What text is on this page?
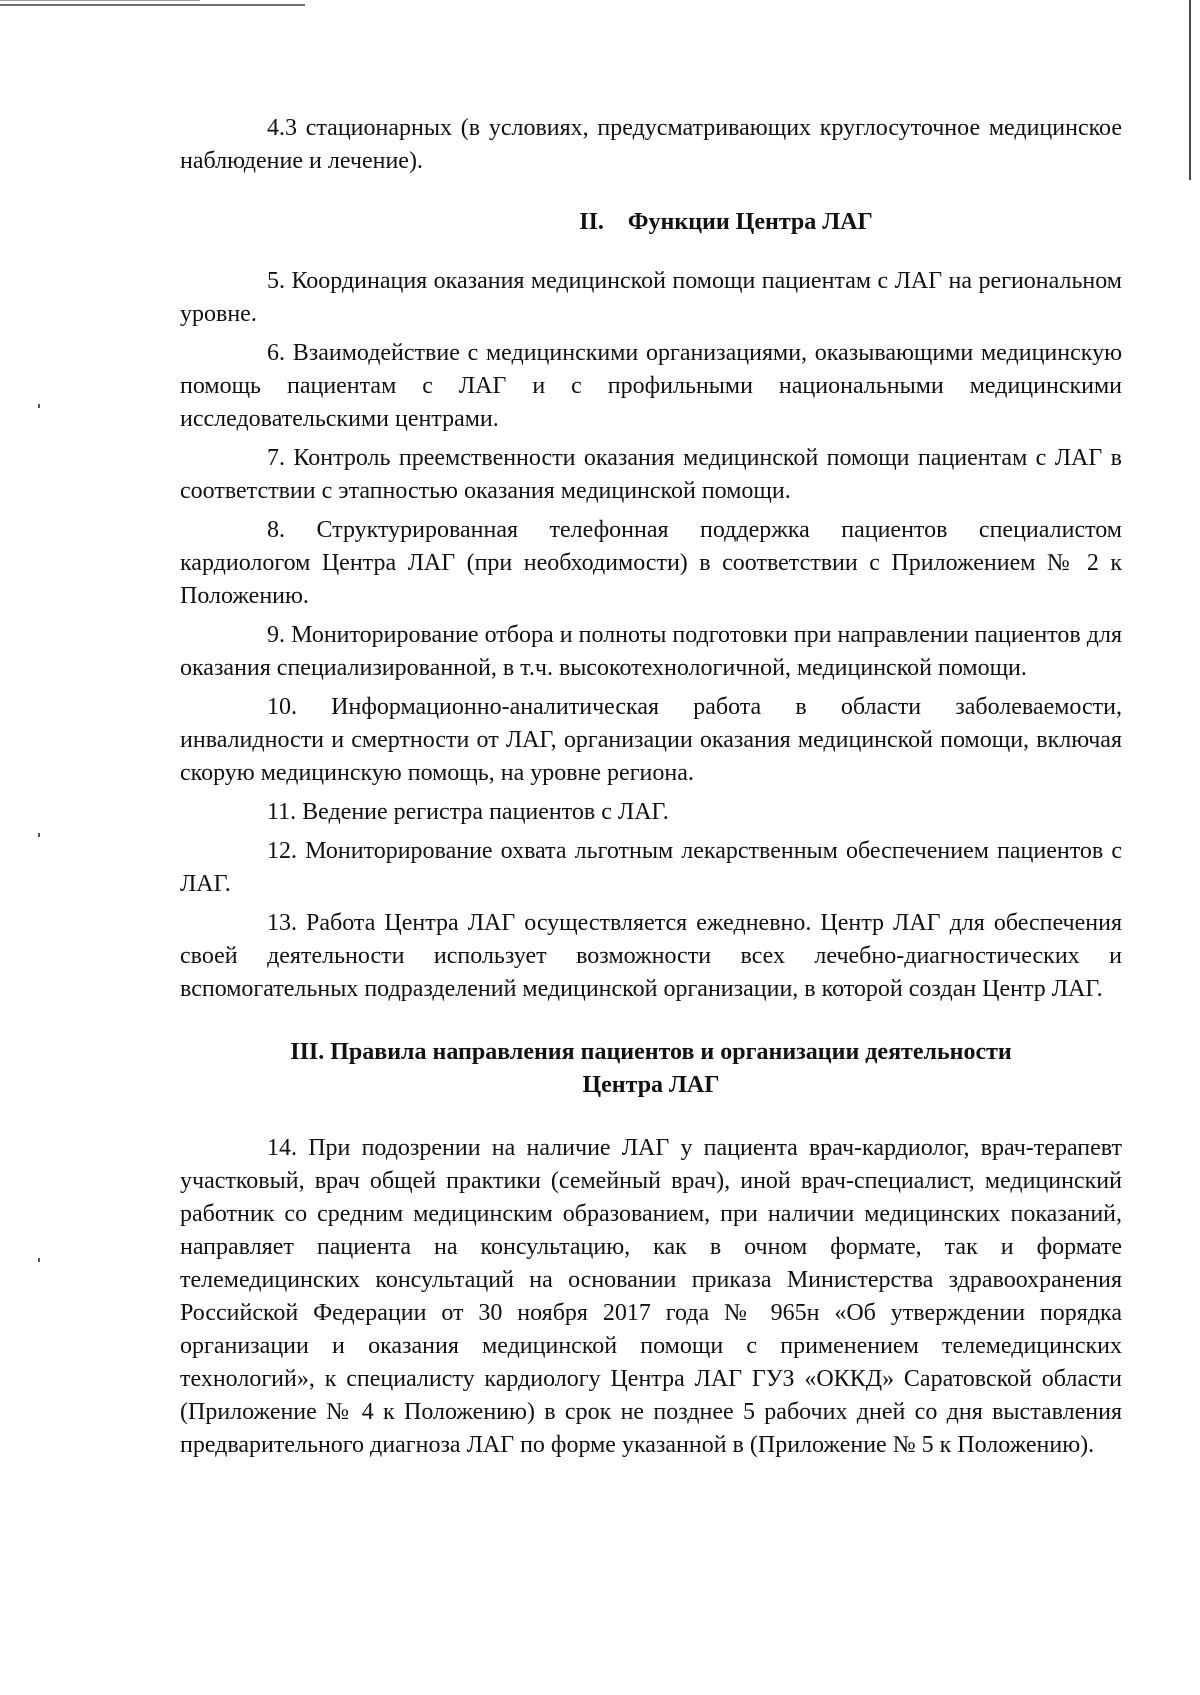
4.3 стационарных (в условиях, предусматривающих круглосуточное медицинское наблюдение и лечение).

II. Функции Центра ЛАГ

5. Координация оказания медицинской помощи пациентам с ЛАГ на региональном уровне.

6. Взаимодействие с медицинскими организациями, оказывающими медицинскую помощь пациентам с ЛАГ и с профильными национальными медицинскими исследовательскими центрами.

7. Контроль преемственности оказания медицинской помощи пациентам с ЛАГ в соответствии с этапностью оказания медицинской помощи.

8. Структурированная телефонная поддержка пациентов специалистом кардиологом Центра ЛАГ (при необходимости) в соответствии с Приложением № 2 к Положению.

9. Мониторирование отбора и полноты подготовки при направлении пациентов для оказания специализированной, в т.ч. высокотехнологичной, медицинской помощи.

10. Информационно-аналитическая работа в области заболеваемости, инвалидности и смертности от ЛАГ, организации оказания медицинской помощи, включая скорую медицинскую помощь, на уровне региона.

11. Ведение регистра пациентов с ЛАГ.

12. Мониторирование охвата льготным лекарственным обеспечением пациентов с ЛАГ.

13. Работа Центра ЛАГ осуществляется ежедневно. Центр ЛАГ для обеспечения своей деятельности использует возможности всех лечебно-диагностических и вспомогательных подразделений медицинской организации, в которой создан Центр ЛАГ.

III. Правила направления пациентов и организации деятельности
Центра ЛАГ

14. При подозрении на наличие ЛАГ у пациента врач-кардиолог, врач-терапевт участковый, врач общей практики (семейный врач), иной врач-специалист, медицинский работник со средним медицинским образованием, при наличии медицинских показаний, направляет пациента на консультацию, как в очном формате, так и формате телемедицинских консультаций на основании приказа Министерства здравоохранения Российской Федерации от 30 ноября 2017 года № 965н «Об утверждении порядка организации и оказания медицинской помощи с применением телемедицинских технологий», к специалисту кардиологу Центра ЛАГ ГУЗ «ОККД» Саратовской области (Приложение № 4 к Положению) в срок не позднее 5 рабочих дней со дня выставления предварительного диагноза ЛАГ по форме указанной в (Приложение № 5 к Положению).
